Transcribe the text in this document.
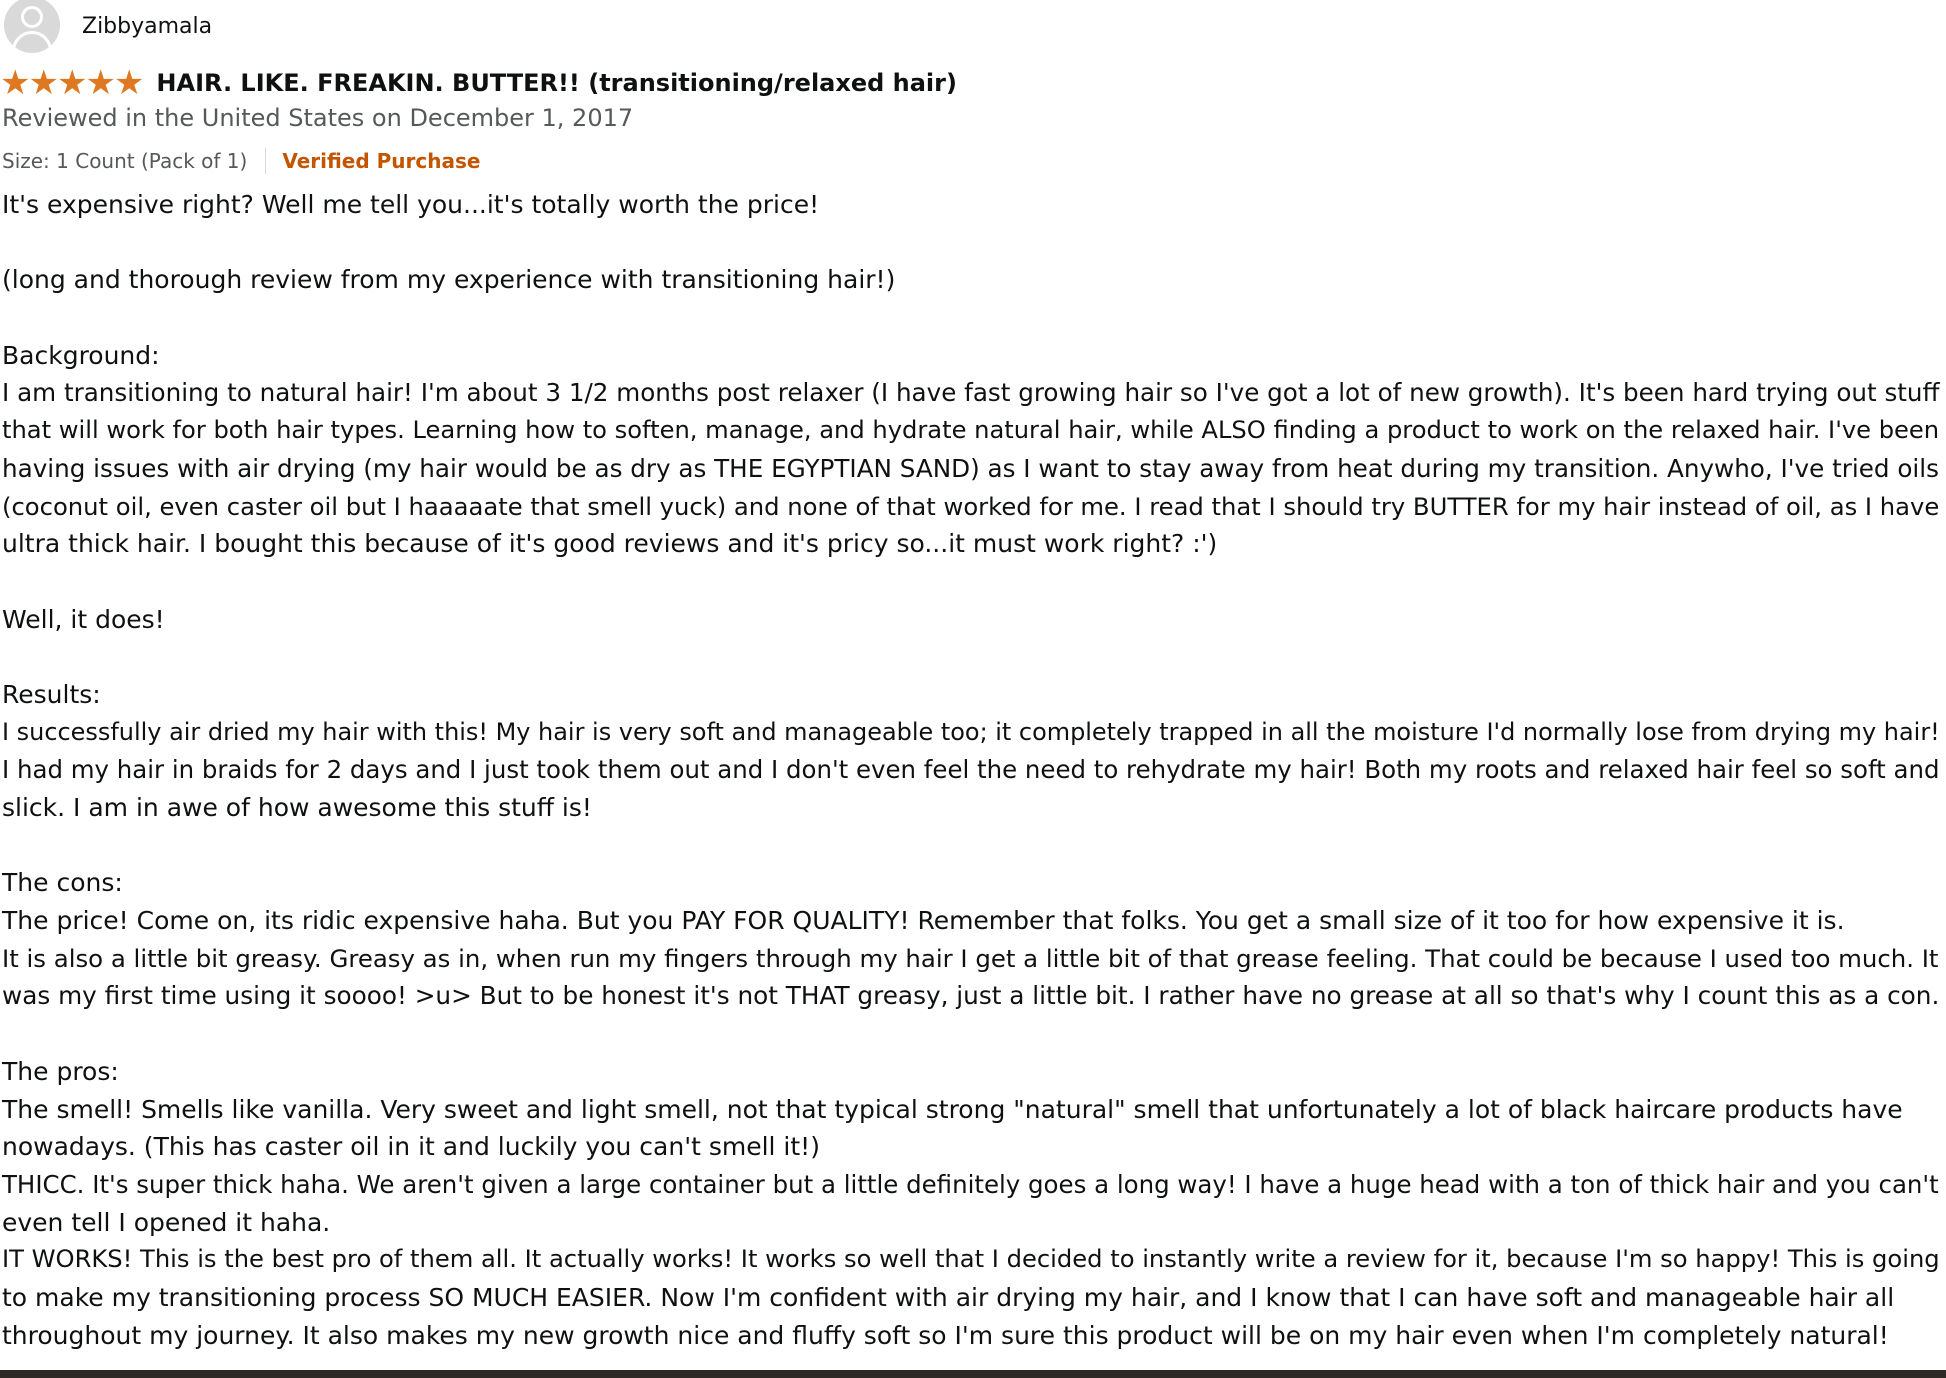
Zibbyamala
★
★
★
★
★ HAIR. LIKE. FREAKIN. BUTTER!! (transitioning/relaxed hair)
Reviewed in the United States on December 1, 2017
Size: 1 Count (Pack of 1) Verified Purchase
It's expensive right? Well me tell you...it's totally worth the price!
(long and thorough review from my experience with transitioning hair!)
Background:
I am transitioning to natural hair! I'm about 3 1/2 months post relaxer (I have fast growing hair so I've got a lot of new growth). It's been hard trying out stuff
that will work for both hair types. Learning how to soften, manage, and hydrate natural hair, while ALSO finding a product to work on the relaxed hair. I've been
having issues with air drying (my hair would be as dry as THE EGYPTIAN SAND) as I want to stay away from heat during my transition. Anywho, I've tried oils
(coconut oil, even caster oil but I haaaaate that smell yuck) and none of that worked for me. I read that I should try BUTTER for my hair instead of oil, as I have
ultra thick hair. I bought this because of it's good reviews and it's pricy so...it must work right? :')
Well, it does!
Results:
I successfully air dried my hair with this! My hair is very soft and manageable too; it completely trapped in all the moisture I'd normally lose from drying my hair!
I had my hair in braids for 2 days and I just took them out and I don't even feel the need to rehydrate my hair! Both my roots and relaxed hair feel so soft and
slick. I am in awe of how awesome this stuff is!
The cons:
The price! Come on, its ridic expensive haha. But you PAY FOR QUALITY! Remember that folks. You get a small size of it too for how expensive it is.
It is also a little bit greasy. Greasy as in, when run my fingers through my hair I get a little bit of that grease feeling. That could be because I used too much. It
was my first time using it soooo! >u> But to be honest it's not THAT greasy, just a little bit. I rather have no grease at all so that's why I count this as a con.
The pros:
The smell! Smells like vanilla. Very sweet and light smell, not that typical strong "natural" smell that unfortunately a lot of black haircare products have
nowadays. (This has caster oil in it and luckily you can't smell it!)
THICC. It's super thick haha. We aren't given a large container but a little definitely goes a long way! I have a huge head with a ton of thick hair and you can't
even tell I opened it haha.
IT WORKS! This is the best pro of them all. It actually works! It works so well that I decided to instantly write a review for it, because I'm so happy! This is going
to make my transitioning process SO MUCH EASIER. Now I'm confident with air drying my hair, and I know that I can have soft and manageable hair all
throughout my journey. It also makes my new growth nice and fluffy soft so I'm sure this product will be on my hair even when I'm completely natural!
